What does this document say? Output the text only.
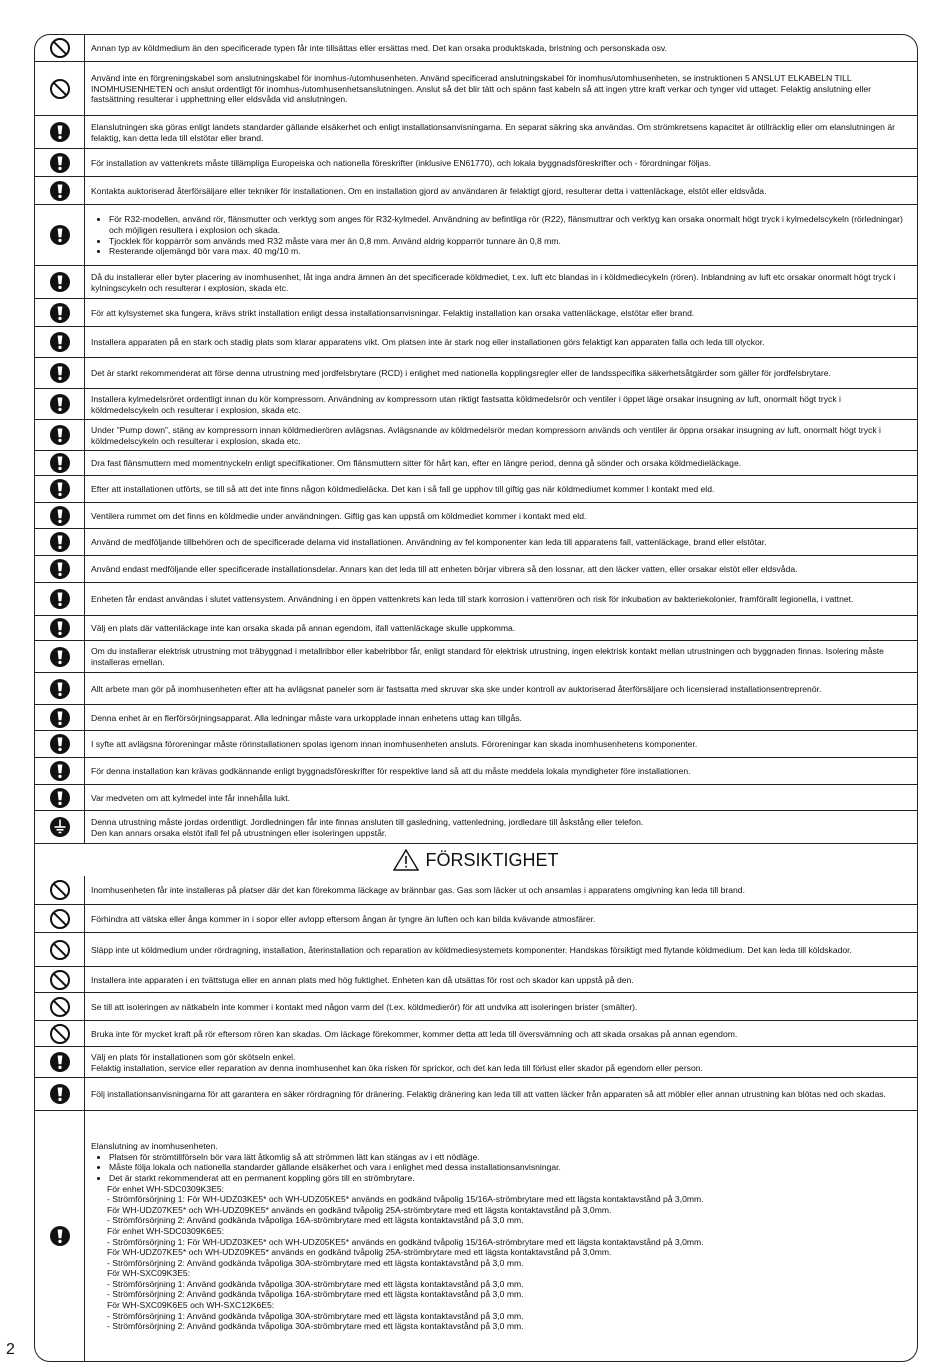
Annan typ av köldmedium än den specificerade typen får inte tillsättas eller ersättas med. Det kan orsaka produktskada, bristning och personskada osv.

Använd inte en förgreningskabel som anslutningskabel för inomhus-/utomhusenheten. Använd specificerad anslutningskabel för inomhus/utomhusenheten, se instruktionen 5 ANSLUT ELKABELN TILL INOMHUSENHETEN och anslut ordentligt för inomhus-/utomhusenhetsanslutningen. Anslut så det blir tätt och spänn fast kabeln så att ingen yttre kraft verkar och tynger vid uttaget. Felaktig anslutning eller fastsättning resulterar i upphettning eller eldsvåda vid anslutningen.

Elanslutningen ska göras enligt landets standarder gällande elsäkerhet och enligt installationsanvisningarna. En separat säkring ska användas. Om strömkretsens kapacitet är otillräcklig eller om elanslutningen är felaktig, kan detta leda till elstötar eller brand.

För installation av vattenkrets måste tillämpliga Europeiska och nationella föreskrifter (inklusive EN61770), och lokala byggnadsföreskrifter och - förordningar följas.

Kontakta auktoriserad återförsäljare eller tekniker för installationen. Om en installation gjord av användaren är felaktigt gjord, resulterar detta i vattenläckage, elstöt eller eldsvåda.

• För R32-modellen, använd rör, flänsmutter och verktyg som anges för R32-kylmedel. Användning av befintliga rör (R22), flänsmuttrar och verktyg kan orsaka onormalt högt tryck i kylmedelscykeln (rörledningar) och möjligen resultera i explosion och skada.
• Tjocklek för kopparrör som används med R32 måste vara mer än 0,8 mm. Använd aldrig kopparrör tunnare än 0,8 mm.
• Resterande oljemängd bör vara max. 40 mg/10 m.

Då du installerar eller byter placering av inomhusenhet, låt inga andra ämnen än det specificerade köldmediet, t.ex. luft etc blandas in i köldmediecykeln (rören). Inblandning av luft etc orsakar onormalt högt tryck i kylningscykeln och resulterar i explosion, skada etc.

För att kylsystemet ska fungera, krävs strikt installation enligt dessa installationsanvisningar. Felaktig installation kan orsaka vattenläckage, elstötar eller brand.

Installera apparaten på en stark och stadig plats som klarar apparatens vikt. Om platsen inte är stark nog eller installationen görs felaktigt kan apparaten falla och leda till olyckor.

Det är starkt rekommenderat att förse denna utrustning med jordfelsbrytare (RCD) i enlighet med nationella kopplingsregler eller de landsspecifika säkerhetsåtgärder som gäller för jordfelsbrytare.

Installera kylmedelsröret ordentligt innan du kör kompressorn. Användning av kompressorn utan riktigt fastsatta köldmedelsrör och ventiler i öppet läge orsakar insugning av luft, onormalt högt tryck i köldmedelscykeln och resulterar i explosion, skada etc.

Under ”Pump down”, stäng av kompressorn innan köldmedierören avlägsnas. Avlägsnande av köldmedelsrör medan kompressorn används och ventiler är öppna orsakar insugning av luft, onormalt högt tryck i köldmedelscykeln och resulterar i explosion, skada etc.

Dra fast flänsmuttern med momentnyckeln enligt specifikationer. Om flänsmuttern sitter för hårt kan, efter en längre period, denna gå sönder och orsaka köldmedieläckage.

Efter att installationen utförts, se till så att det inte finns någon köldmedieläcka. Det kan i så fall ge upphov till giftig gas när köldmediumet kommer I kontakt med eld.

Ventilera rummet om det finns en köldmedie under användningen. Giftig gas kan uppstå om köldmediet kommer i kontakt med eld.

Använd de medföljande tillbehören och de specificerade delarna vid installationen. Användning av fel komponenter kan leda till apparatens fall, vattenläckage, brand eller elstötar.

Använd endast medföljande eller specificerade installationsdelar. Annars kan det leda till att enheten börjar vibrera så den lossnar, att den läcker vatten, eller orsakar elstöt eller eldsvåda.

Enheten får endast användas i slutet vattensystem. Användning i en öppen vattenkrets kan leda till stark korrosion i vattenrören och risk för inkubation av bakteriekolonier, framförallt legionella, i vattnet.

Välj en plats där vattenläckage inte kan orsaka skada på annan egendom, ifall vattenläckage skulle uppkomma.

Om du installerar elektrisk utrustning mot träbyggnad i metallribbor eller kabelribbor får, enligt standard för elektrisk utrustning, ingen elektrisk kontakt mellan utrustningen och byggnaden finnas. Isolering måste installeras emellan.

Allt arbete man gör på inomhusenheten efter att ha avlägsnat paneler som är fastsatta med skruvar ska ske under kontroll av auktoriserad återförsäljare och licensierad installationsentreprenör.

Denna enhet är en flerförsörjningsapparat. Alla ledningar måste vara urkopplade innan enhetens uttag kan tillgås.

I syfte att avlägsna föroreningar måste rörinstallationen spolas igenom innan inomhusenheten ansluts. Föroreningar kan skada inomhusenhetens komponenter.

För denna installation kan krävas godkännande enligt byggnadsföreskrifter för respektive land så att du måste meddela lokala myndigheter före installationen.

Var medveten om att kylmedel inte får innehålla lukt.

Denna utrustning måste jordas ordentligt. Jordledningen får inte finnas ansluten till gasledning, vattenledning, jordledare till åskstång eller telefon.
Den kan annars orsaka elstöt ifall fel på utrustningen eller isoleringen uppstår.

FÖRSIKTIGHET

Inomhusenheten får inte installeras på platser där det kan förekomma läckage av brännbar gas. Gas som läcker ut och ansamlas i apparatens omgivning kan leda till brand.

Förhindra att vätska eller ånga kommer in i sopor eller avlopp eftersom ångan är tyngre än luften och kan bilda kvävande atmosfärer.

Släpp inte ut köldmedium under rördragning, installation, återinstallation och reparation av köldmediesystemets komponenter. Handskas försiktigt med flytande köldmedium. Det kan leda till köldskador.

Installera inte apparaten i en tvättstuga eller en annan plats med hög fuktighet. Enheten kan då utsättas för rost och skador kan uppstå på den.

Se till att isoleringen av nätkabeln inte kommer i kontakt med någon varm del (t.ex. köldmedierör) för att undvika att isoleringen brister (smälter).

Bruka inte för mycket kraft på rör eftersom rören kan skadas. Om läckage förekommer, kommer detta att leda till översvämning och att skada orsakas på annan egendom.

Välj en plats för installationen som gör skötseln enkel.
Felaktig installation, service eller reparation av denna inomhusenhet kan öka risken för sprickor, och det kan leda till förlust eller skador på egendom eller person.

Följ installationsanvisningarna för att garantera en säker rördragning för dränering. Felaktig dränering kan leda till att vatten läcker från apparaten så att möbler eller annan utrustning kan blötas ned och skadas.

Elanslutning av inomhusenheten.

• Platsen för strömtillförseln bör vara lätt åtkomlig så att strömmen lätt kan stängas av i ett nödläge.
• Måste följa lokala och nationella standarder gällande elsäkerhet och vara i enlighet med dessa installationsanvisningar.
• Det är starkt rekommenderat att en permanent koppling görs till en strömbrytare.

För enhet WH-SDC0309K3E5:

- Strömförsörjning 1: För WH-UDZ03KE5* och WH-UDZ05KE5* används en godkänd tvåpolig 15/16A-strömbrytare med ett lägsta kontaktavstånd på 3,0mm.

För WH-UDZ07KE5* och WH-UDZ09KE5* används en godkänd tvåpolig 25A-strömbrytare med ett lägsta kontaktavstånd på 3,0mm.

- Strömförsörjning 2: Använd godkända tvåpoliga 16A-strömbrytare med ett lägsta kontaktavstånd på 3,0 mm.

För enhet WH-SDC0309K6E5:

- Strömförsörjning 1: För WH-UDZ03KE5* och WH-UDZ05KE5* används en godkänd tvåpolig 15/16A-strömbrytare med ett lägsta kontaktavstånd på 3,0mm.

För WH-UDZ07KE5* och WH-UDZ09KE5* används en godkänd tvåpolig 25A-strömbrytare med ett lägsta kontaktavstånd på 3,0mm.

- Strömförsörjning 2: Använd godkända tvåpoliga 30A-strömbrytare med ett lägsta kontaktavstånd på 3,0 mm.

För WH-SXC09K3E5:

- Strömförsörjning 1: Använd godkända tvåpoliga 30A-strömbrytare med ett lägsta kontaktavstånd på 3,0 mm.

- Strömförsörjning 2: Använd godkända tvåpoliga 16A-strömbrytare med ett lägsta kontaktavstånd på 3,0 mm.

För WH-SXC09K6E5 och WH-SXC12K6E5:

- Strömförsörjning 1: Använd godkända tvåpoliga 30A-strömbrytare med ett lägsta kontaktavstånd på 3,0 mm.

- Strömförsörjning 2: Använd godkända tvåpoliga 30A-strömbrytare med ett lägsta kontaktavstånd på 3,0 mm.

2
